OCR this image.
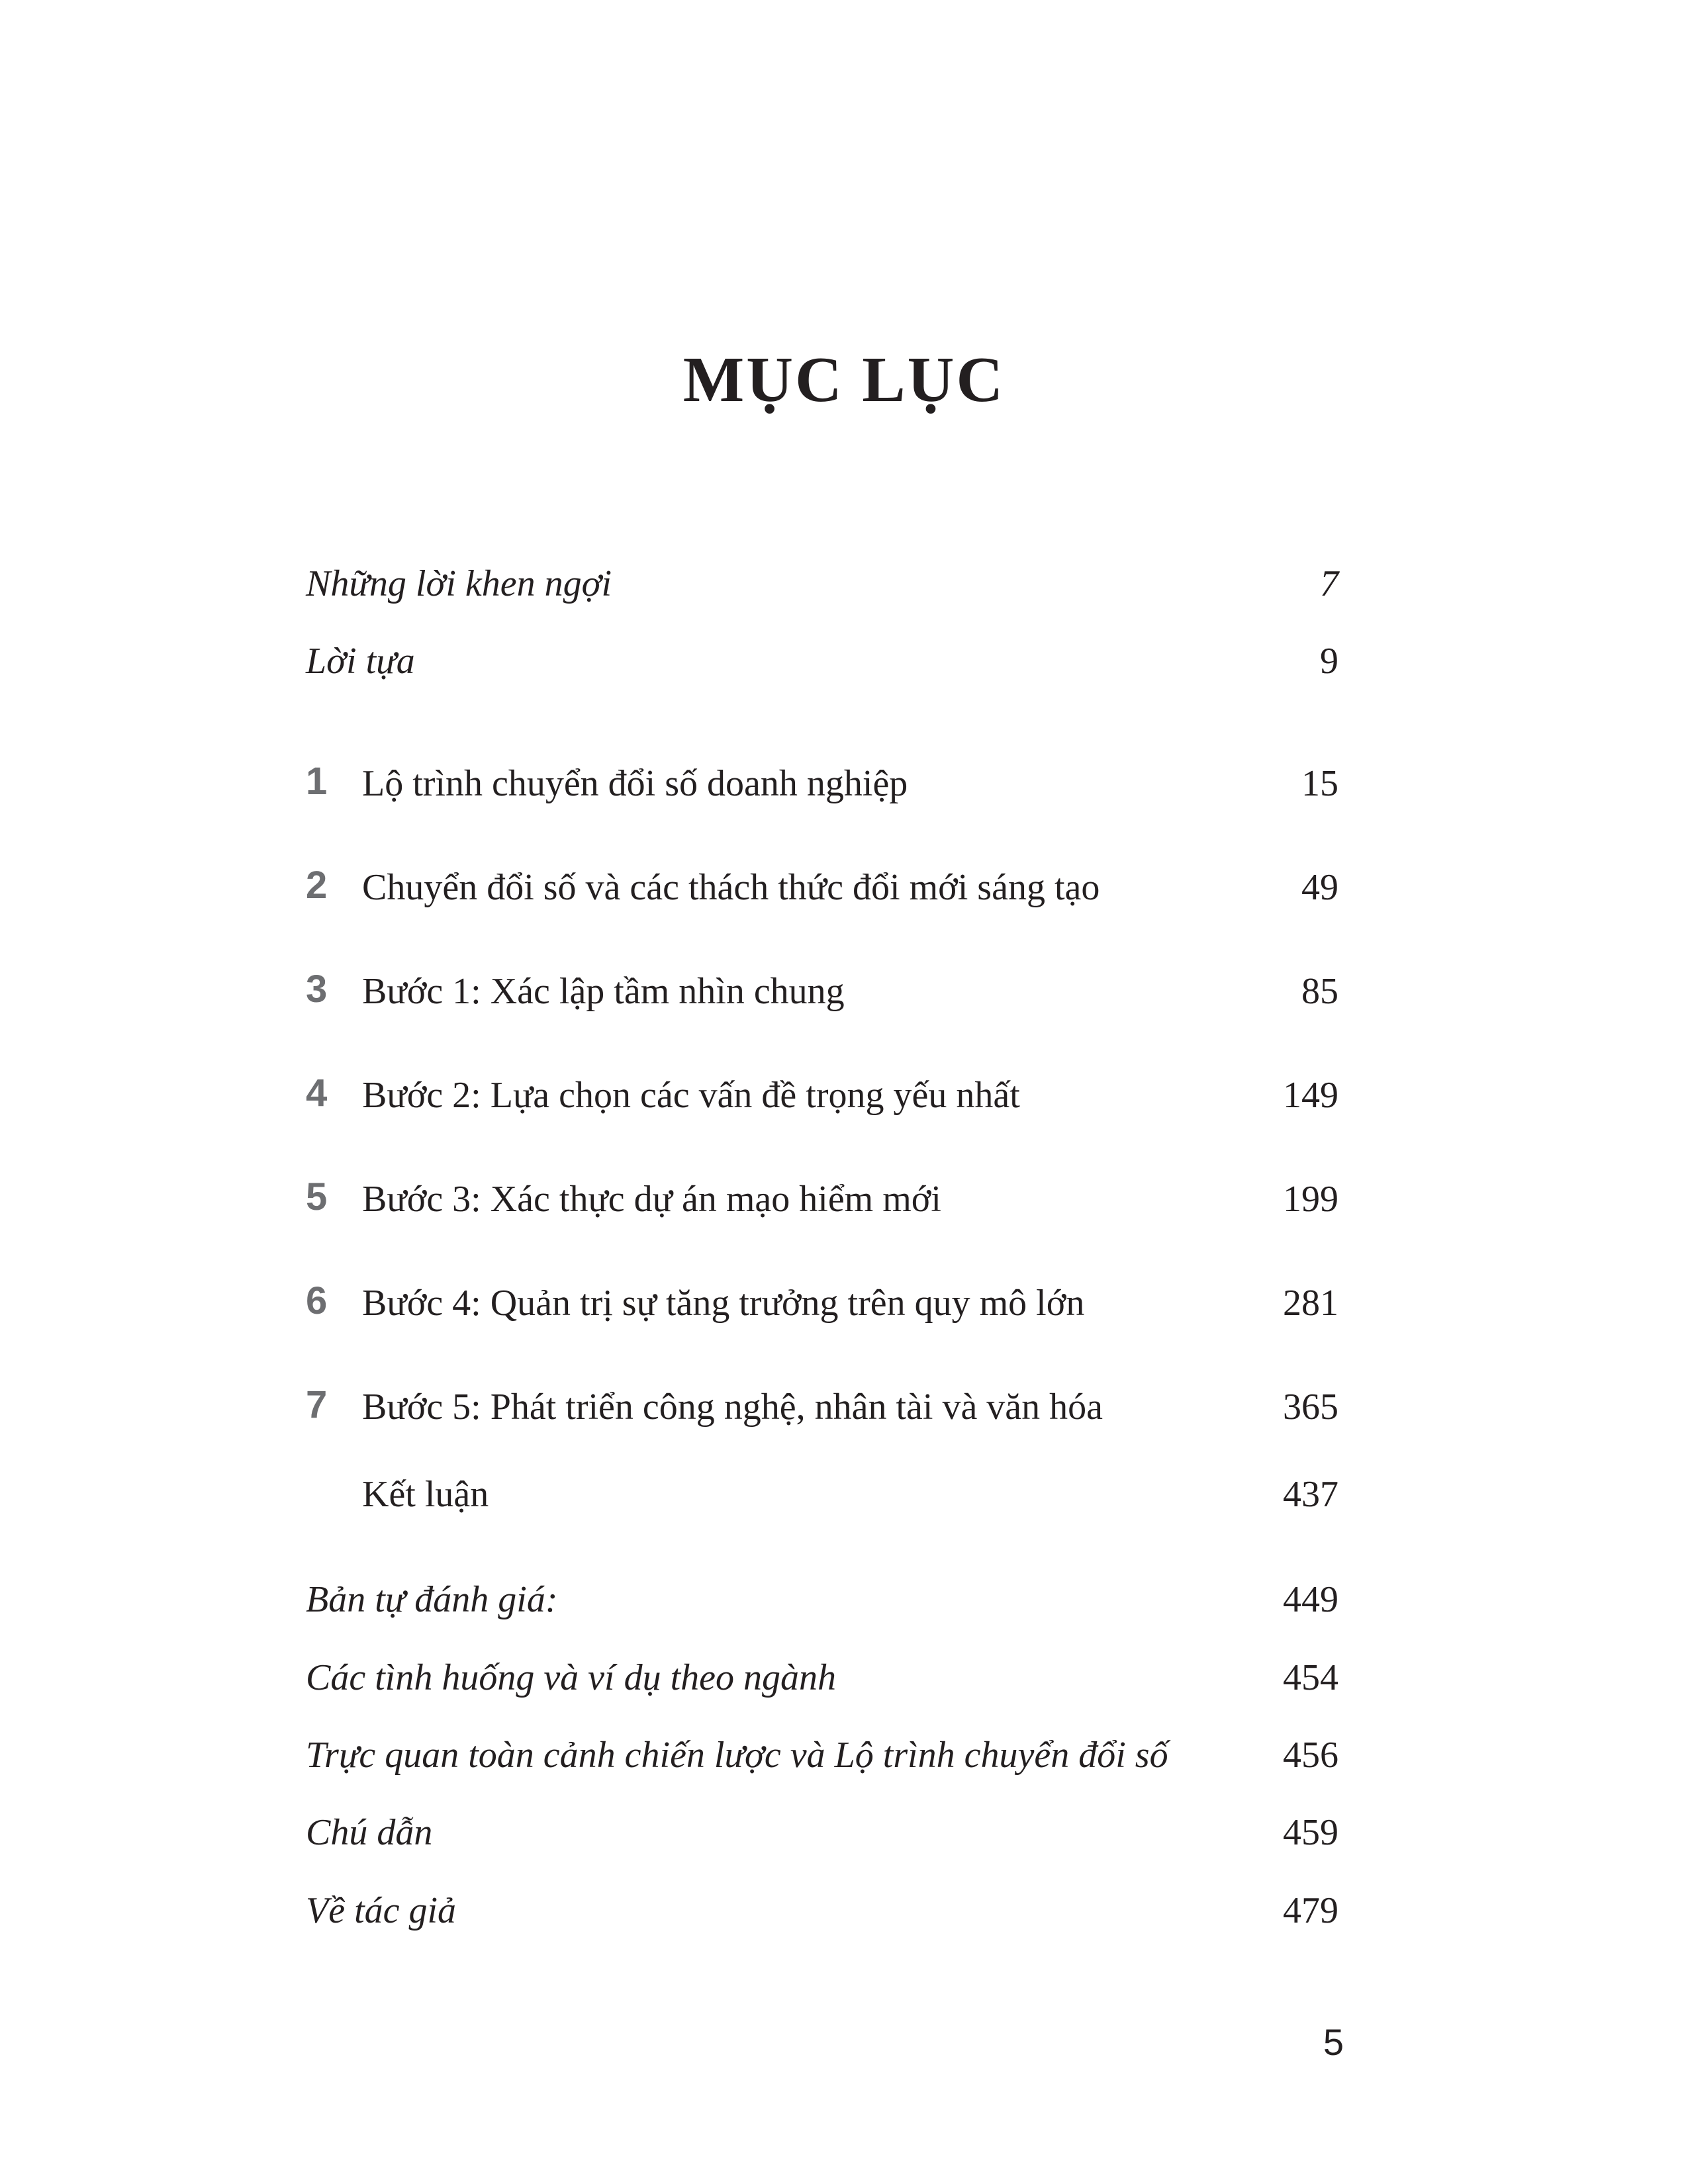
MỤC LỤC
Những lời khen ngợi	7
Lời tựa	9
1 Lộ trình chuyển đổi số doanh nghiệp	15
2 Chuyển đổi số và các thách thức đổi mới sáng tạo	49
3 Bước 1: Xác lập tầm nhìn chung	85
4 Bước 2: Lựa chọn các vấn đề trọng yếu nhất	149
5 Bước 3: Xác thực dự án mạo hiểm mới	199
6 Bước 4: Quản trị sự tăng trưởng trên quy mô lớn	281
7 Bước 5: Phát triển công nghệ, nhân tài và văn hóa	365
Kết luận	437
Bản tự đánh giá:	449
Các tình huống và ví dụ theo ngành	454
Trực quan toàn cảnh chiến lược và Lộ trình chuyển đổi số	456
Chú dẫn	459
Về tác giả	479
5
